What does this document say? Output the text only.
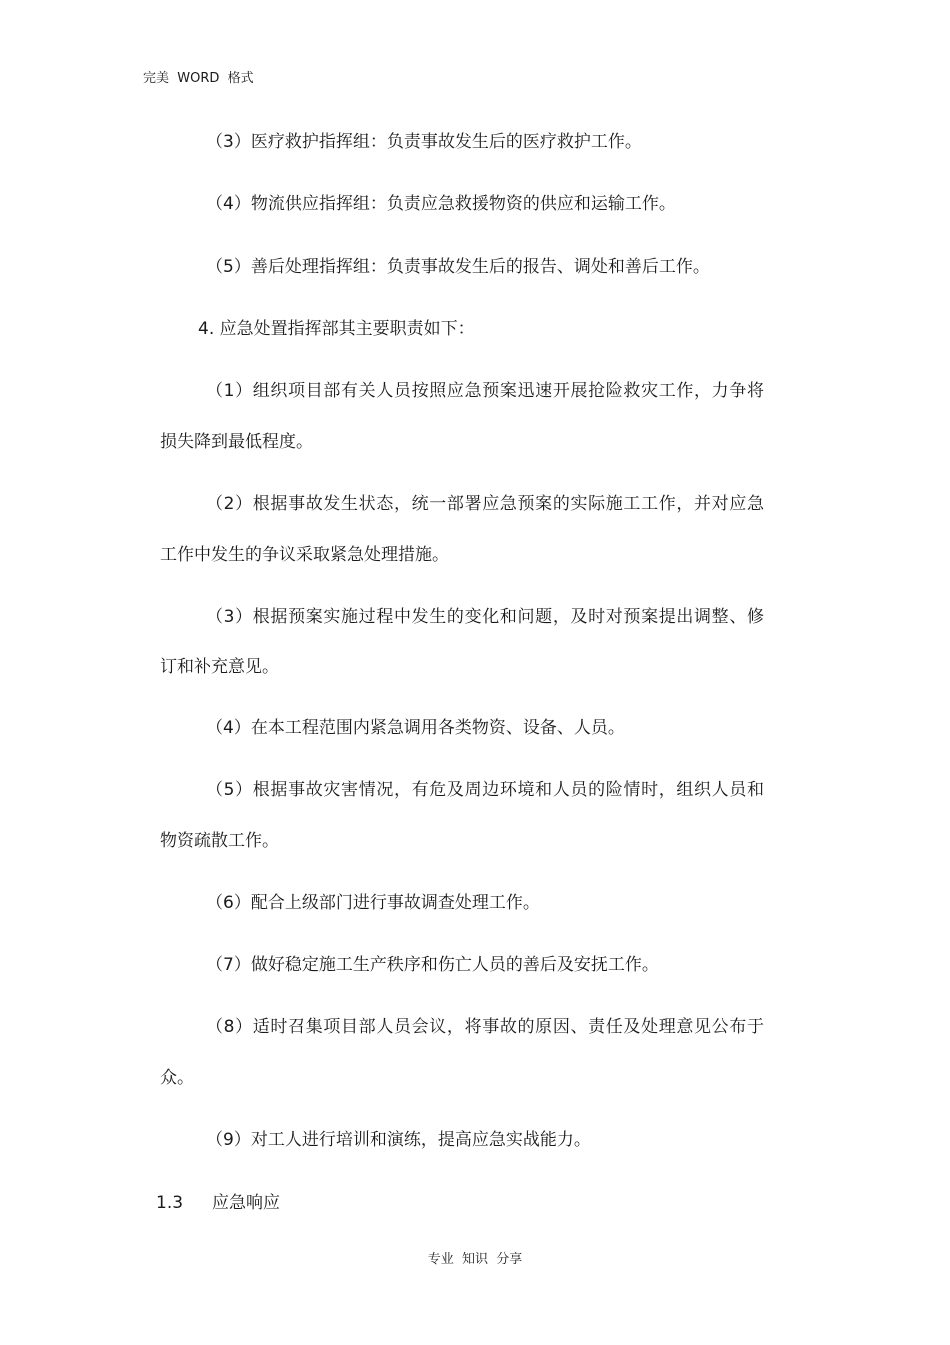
完美  WORD  格式
（3）医疗救护指挥组：负责事故发生后的医疗救护工作。
（4）物流供应指挥组：负责应急救援物资的供应和运输工作。
（5）善后处理指挥组：负责事故发生后的报告、调处和善后工作。
4. 应急处置指挥部其主要职责如下：
（1）组织项目部有关人员按照应急预案迅速开展抢险救灾工作，力争将
损失降到最低程度。
（2）根据事故发生状态，统一部署应急预案的实际施工工作，并对应急
工作中发生的争议采取紧急处理措施。
（3）根据预案实施过程中发生的变化和问题，及时对预案提出调整、修
订和补充意见。
（4）在本工程范围内紧急调用各类物资、设备、人员。
（5）根据事故灾害情况，有危及周边环境和人员的险情时，组织人员和
物资疏散工作。
（6）配合上级部门进行事故调查处理工作。
（7）做好稳定施工生产秩序和伤亡人员的善后及安抚工作。
（8）适时召集项目部人员会议，将事故的原因、责任及处理意见公布于
众。
（9）对工人进行培训和演练，提高应急实战能力。
1.3 应急响应
专业  知识  分享
